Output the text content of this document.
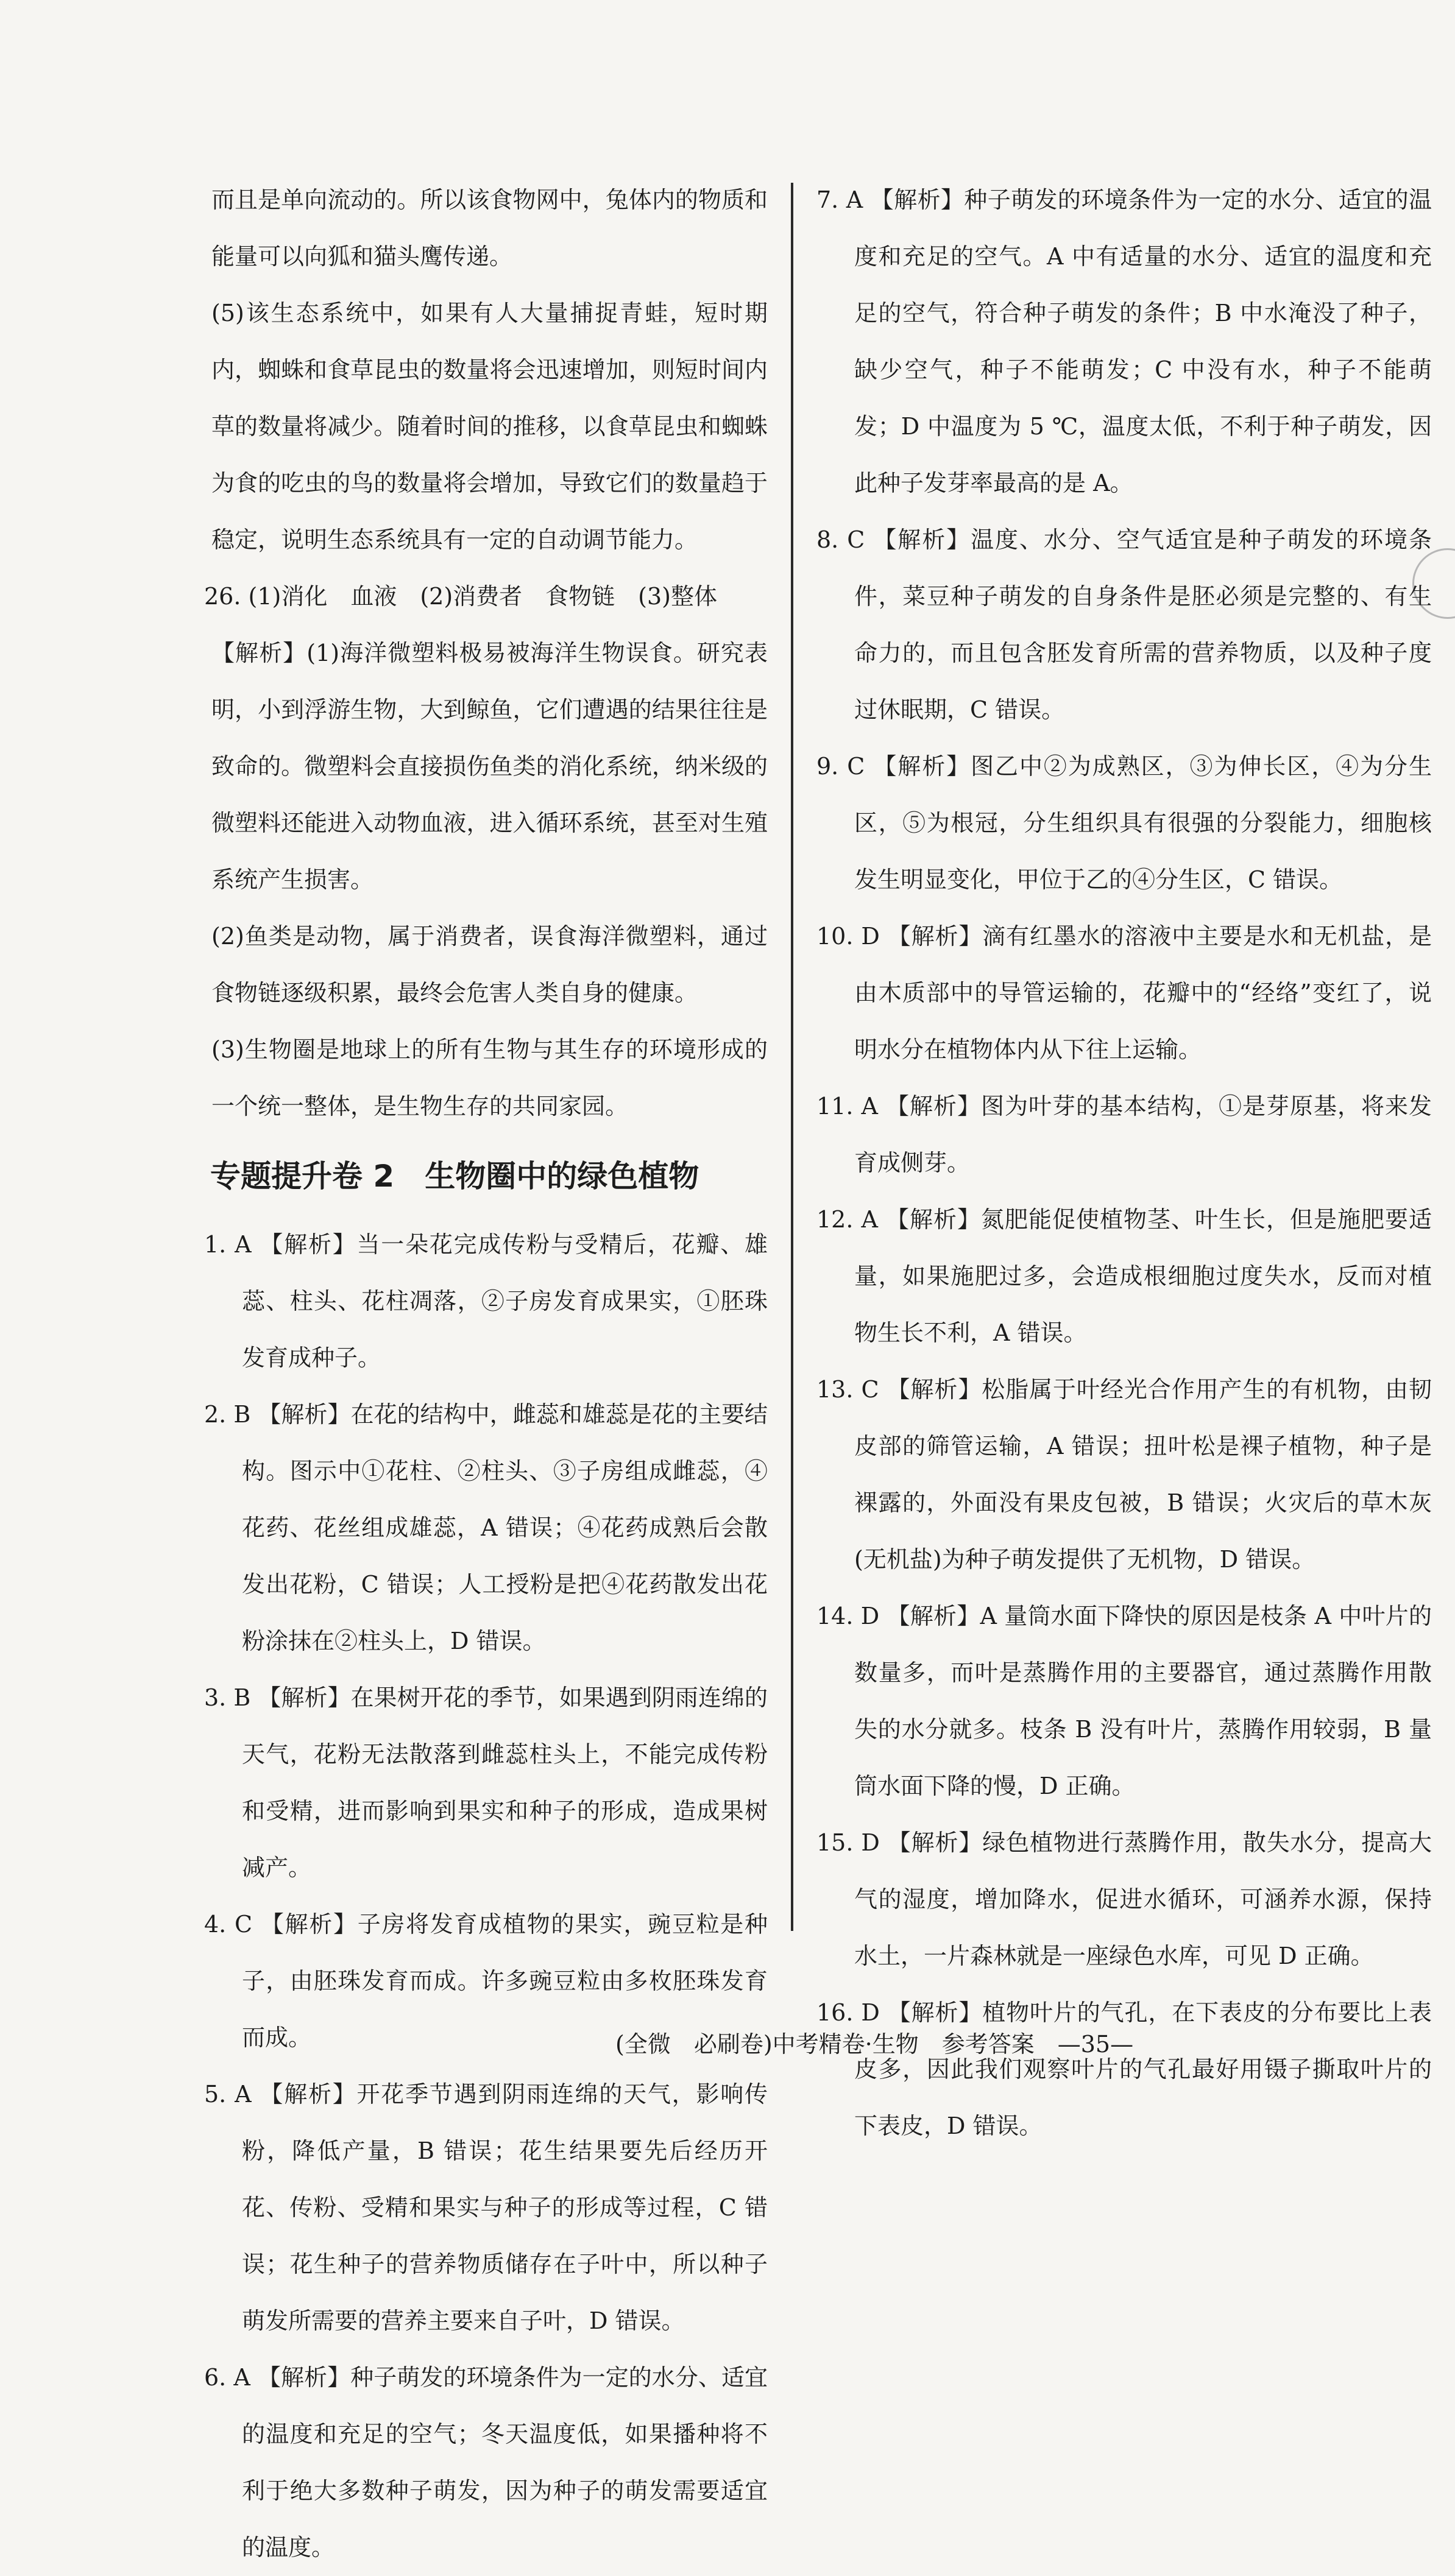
而且是单向流动的。所以该食物网中，兔体内的物质和能量可以向狐和猫头鹰传递。

(5)该生态系统中，如果有人大量捕捉青蛙，短时期内，蜘蛛和食草昆虫的数量将会迅速增加，则短时间内草的数量将减少。随着时间的推移，以食草昆虫和蜘蛛为食的吃虫的鸟的数量将会增加，导致它们的数量趋于稳定，说明生态系统具有一定的自动调节能力。

26. (1)消化　血液　(2)消费者　食物链　(3)整体

【解析】(1)海洋微塑料极易被海洋生物误食。研究表明，小到浮游生物，大到鲸鱼，它们遭遇的结果往往是致命的。微塑料会直接损伤鱼类的消化系统，纳米级的微塑料还能进入动物血液，进入循环系统，甚至对生殖系统产生损害。

(2)鱼类是动物，属于消费者，误食海洋微塑料，通过食物链逐级积累，最终会危害人类自身的健康。

(3)生物圈是地球上的所有生物与其生存的环境形成的一个统一整体，是生物生存的共同家园。

专题提升卷 2　生物圈中的绿色植物

1. A 【解析】当一朵花完成传粉与受精后，花瓣、雄蕊、柱头、花柱凋落，②子房发育成果实，①胚珠发育成种子。

2. B 【解析】在花的结构中，雌蕊和雄蕊是花的主要结构。图示中①花柱、②柱头、③子房组成雌蕊，④花药、花丝组成雄蕊，A 错误；④花药成熟后会散发出花粉，C 错误；人工授粉是把④花药散发出花粉涂抹在②柱头上，D 错误。

3. B 【解析】在果树开花的季节，如果遇到阴雨连绵的天气，花粉无法散落到雌蕊柱头上，不能完成传粉和受精，进而影响到果实和种子的形成，造成果树减产。

4. C 【解析】子房将发育成植物的果实，豌豆粒是种子，由胚珠发育而成。许多豌豆粒由多枚胚珠发育而成。

5. A 【解析】开花季节遇到阴雨连绵的天气，影响传粉，降低产量，B 错误；花生结果要先后经历开花、传粉、受精和果实与种子的形成等过程，C 错误；花生种子的营养物质储存在子叶中，所以种子萌发所需要的营养主要来自子叶，D 错误。

6. A 【解析】种子萌发的环境条件为一定的水分、适宜的温度和充足的空气；冬天温度低，如果播种将不利于绝大多数种子萌发，因为种子的萌发需要适宜的温度。

7. A 【解析】种子萌发的环境条件为一定的水分、适宜的温度和充足的空气。A 中有适量的水分、适宜的温度和充足的空气，符合种子萌发的条件；B 中水淹没了种子，缺少空气，种子不能萌发；C 中没有水，种子不能萌发；D 中温度为 5 ℃，温度太低，不利于种子萌发，因此种子发芽率最高的是 A。

8. C 【解析】温度、水分、空气适宜是种子萌发的环境条件，菜豆种子萌发的自身条件是胚必须是完整的、有生命力的，而且包含胚发育所需的营养物质，以及种子度过休眠期，C 错误。

9. C 【解析】图乙中②为成熟区，③为伸长区，④为分生区，⑤为根冠，分生组织具有很强的分裂能力，细胞核发生明显变化，甲位于乙的④分生区，C 错误。

10. D 【解析】滴有红墨水的溶液中主要是水和无机盐，是由木质部中的导管运输的，花瓣中的“经络”变红了，说明水分在植物体内从下往上运输。

11. A 【解析】图为叶芽的基本结构，①是芽原基，将来发育成侧芽。

12. A 【解析】氮肥能促使植物茎、叶生长，但是施肥要适量，如果施肥过多，会造成根细胞过度失水，反而对植物生长不利，A 错误。

13. C 【解析】松脂属于叶经光合作用产生的有机物，由韧皮部的筛管运输，A 错误；扭叶松是裸子植物，种子是裸露的，外面没有果皮包被，B 错误；火灾后的草木灰(无机盐)为种子萌发提供了无机物，D 错误。

14. D 【解析】A 量筒水面下降快的原因是枝条 A 中叶片的数量多，而叶是蒸腾作用的主要器官，通过蒸腾作用散失的水分就多。枝条 B 没有叶片，蒸腾作用较弱，B 量筒水面下降的慢，D 正确。

15. D 【解析】绿色植物进行蒸腾作用，散失水分，提高大气的湿度，增加降水，促进水循环，可涵养水源，保持水土，一片森林就是一座绿色水库，可见 D 正确。

16. D 【解析】植物叶片的气孔，在下表皮的分布要比上表皮多，因此我们观察叶片的气孔最好用镊子撕取叶片的下表皮，D 错误。

(全微　必刷卷)中考精卷·生物　参考答案　—35—
